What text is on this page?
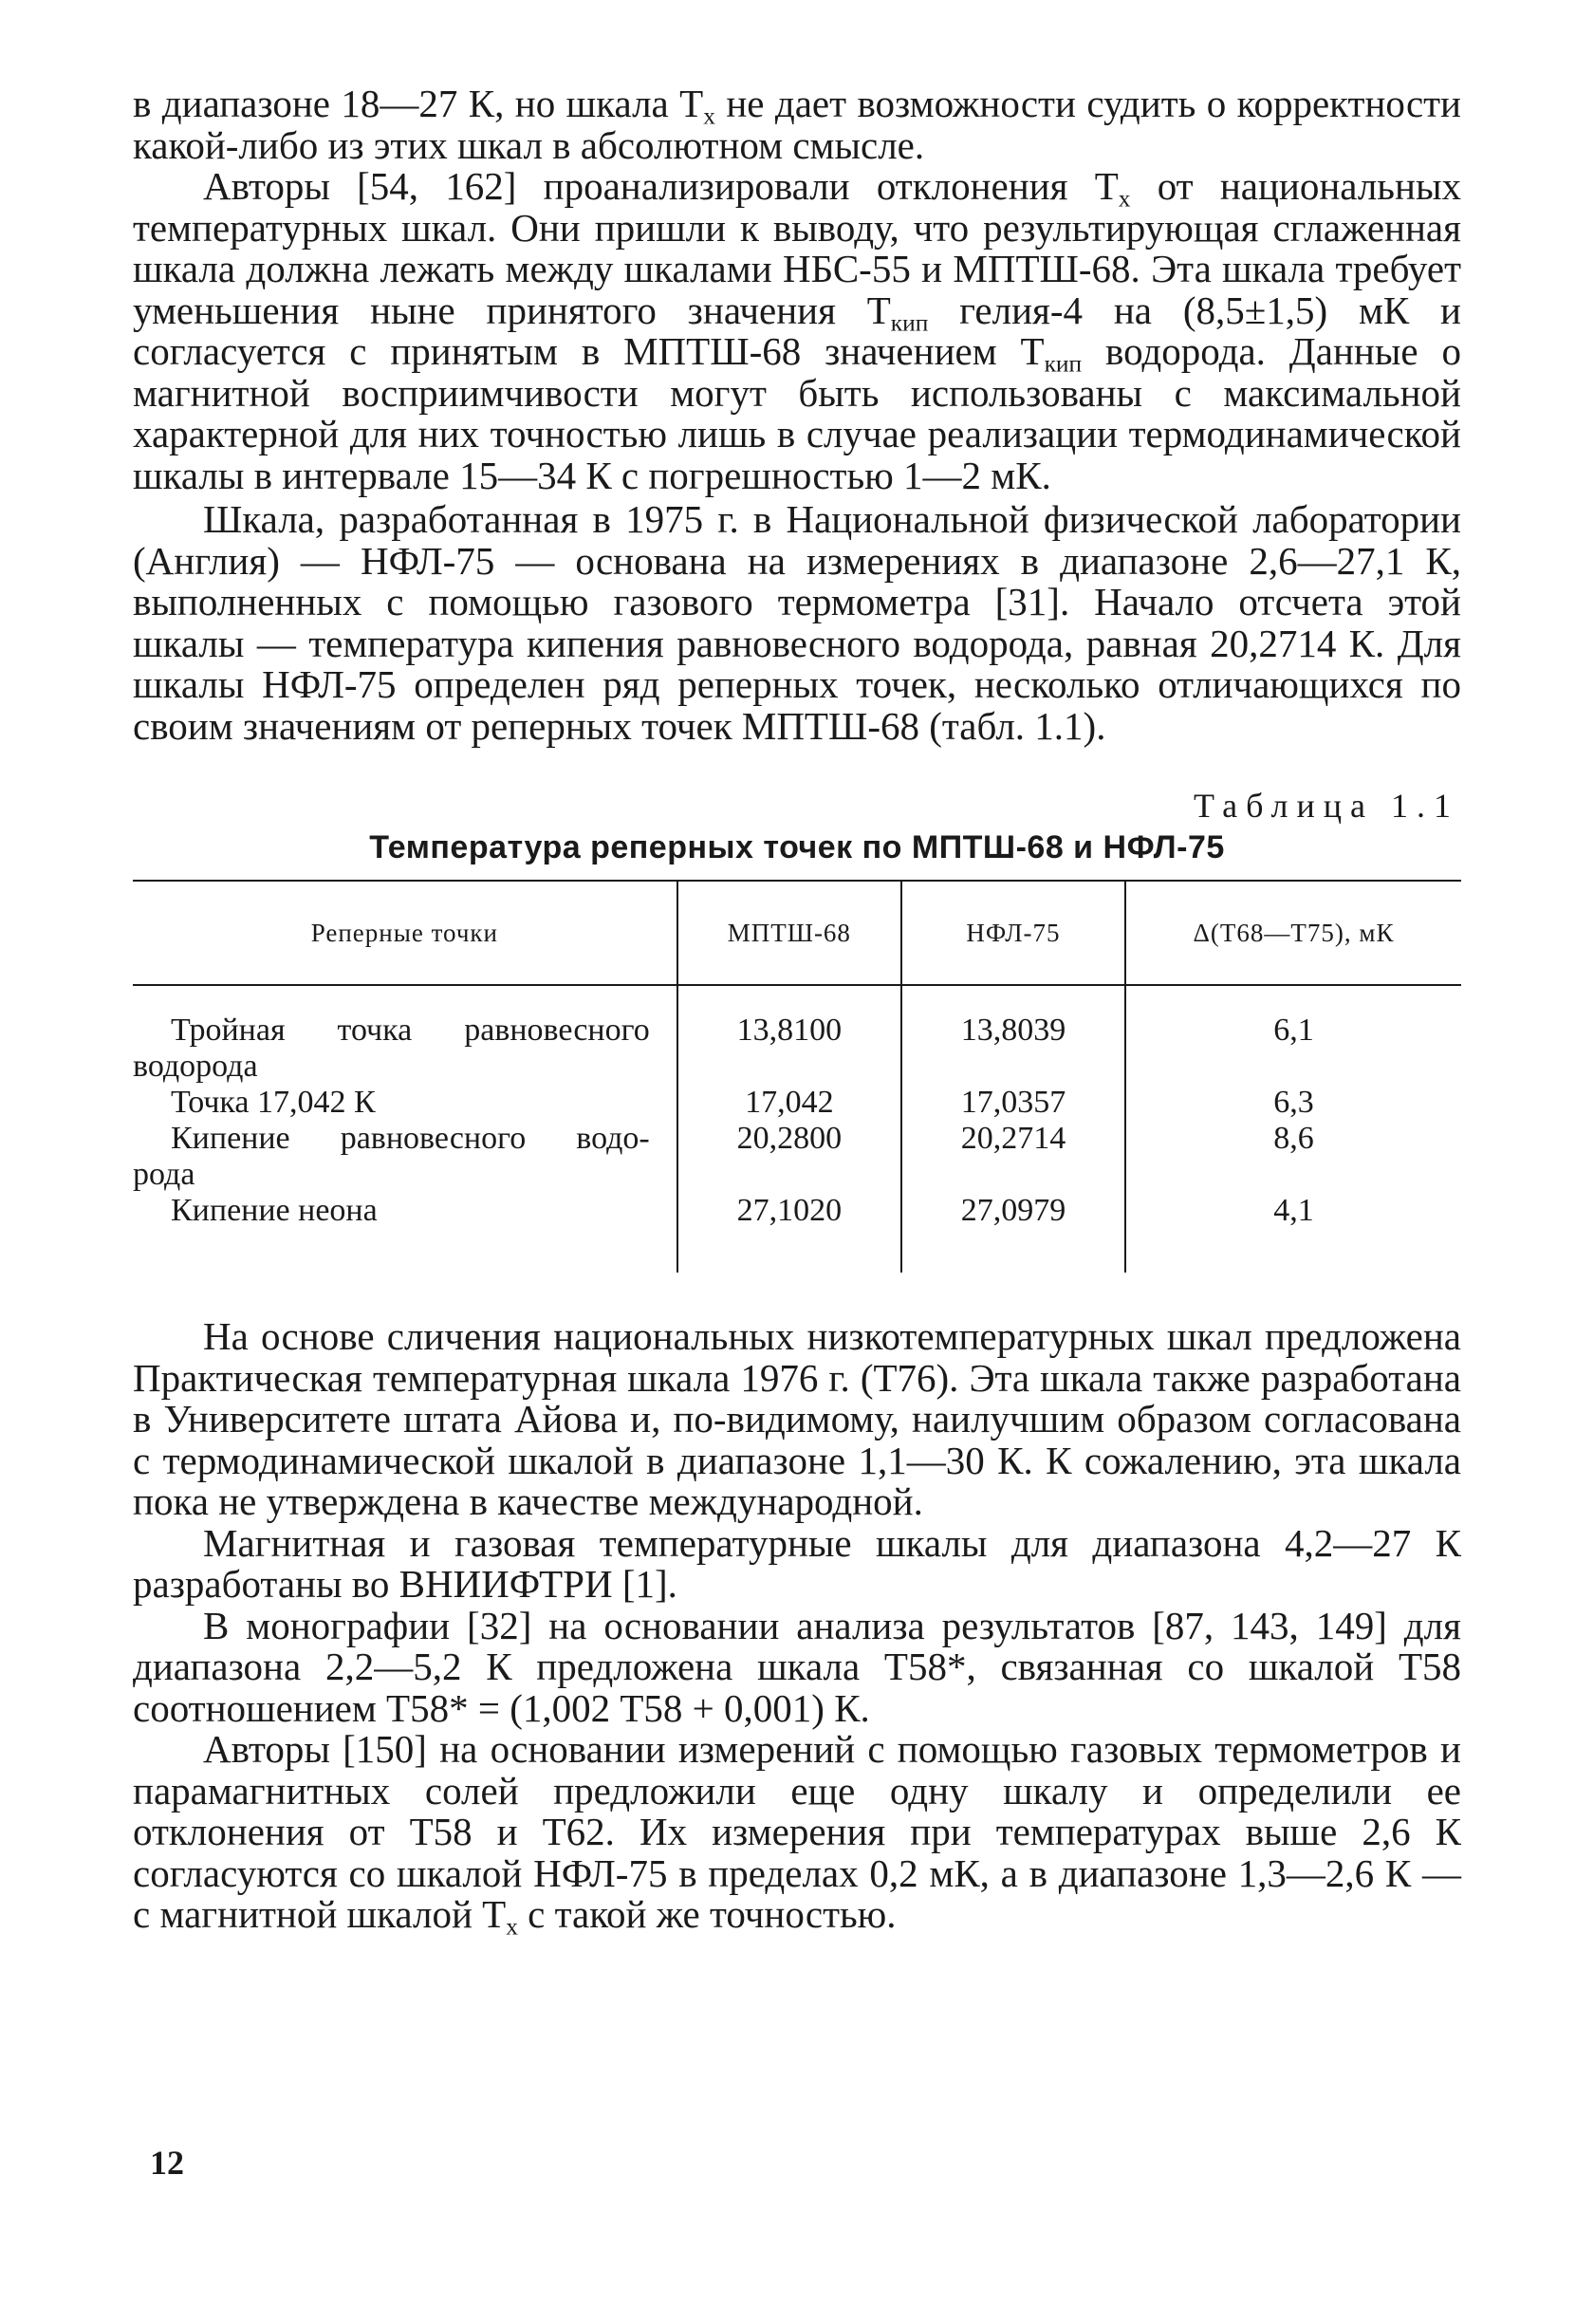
в диапазоне 18—27 К, но шкала $T_x$ не дает возможности судить о корректности какой-либо из этих шкал в абсолютном смысле.

Авторы [54, 162] проанализировали отклонения $T_x$ от национальных температурных шкал. Они пришли к выводу, что результирующая сглаженная шкала должна лежать между шкалами НБС-55 и МПТШ-68. Эта шкала требует уменьшения ныне принятого значения $T_{кип}$ гелия-4 на (8,5±1,5) мК и согласуется с принятым в МПТШ-68 значением $T_{кип}$ водорода. Данные о магнитной восприимчивости могут быть использованы с максимальной характерной для них точностью лишь в случае реализации термодинамической шкалы в интервале 15—34 К с погрешностью 1—2 мК.

Шкала, разработанная в 1975 г. в Национальной физической лаборатории (Англия) — НФЛ-75 — основана на измерениях в диапазоне 2,6—27,1 К, выполненных с помощью газового термометра [31]. Начало отсчета этой шкалы — температура кипения равновесного водорода, равная 20,2714 К. Для шкалы НФЛ-75 определен ряд реперных точек, несколько отличающихся по своим значениям от реперных точек МПТШ-68 (табл. 1.1).

Таблица 1.1
Температура реперных точек по МПТШ-68 и НФЛ-75
Реперные точки	МПТШ-68	НФЛ-75	Δ(Т68—Т75), мК

Тройная точка равновесного
водорода	13,8100	13,8039	6,1
Точка 17,042 К	17,042	17,0357	6,3

Кипение равновесного водо-
рода	20,2800	20,2714	8,6
Кипение неона	27,1020	27,0979	4,1

На основе сличения национальных низкотемпературных шкал предложена Практическая температурная шкала 1976 г. (Т76). Эта шкала также разработана в Университете штата Айова и, по-видимому, наилучшим образом согласована с термодинамической шкалой в диапазоне 1,1—30 К. К сожалению, эта шкала пока не утверждена в качестве международной.

Магнитная и газовая температурные шкалы для диапазона 4,2—27 К разработаны во ВНИИФТРИ [1].

В монографии [32] на основании анализа результатов [87, 143, 149] для диапазона 2,2—5,2 К предложена шкала Т58*, связанная со шкалой Т58 соотношением Т58* = (1,002 Т58 + 0,001) К.

Авторы [150] на основании измерений с помощью газовых термометров и парамагнитных солей предложили еще одну шкалу и определили ее отклонения от Т58 и Т62. Их измерения при температурах выше 2,6 К согласуются со шкалой НФЛ-75 в пределах 0,2 мК, а в диапазоне 1,3—2,6 К — с магнитной шкалой $T_x$ с такой же точностью.

12
